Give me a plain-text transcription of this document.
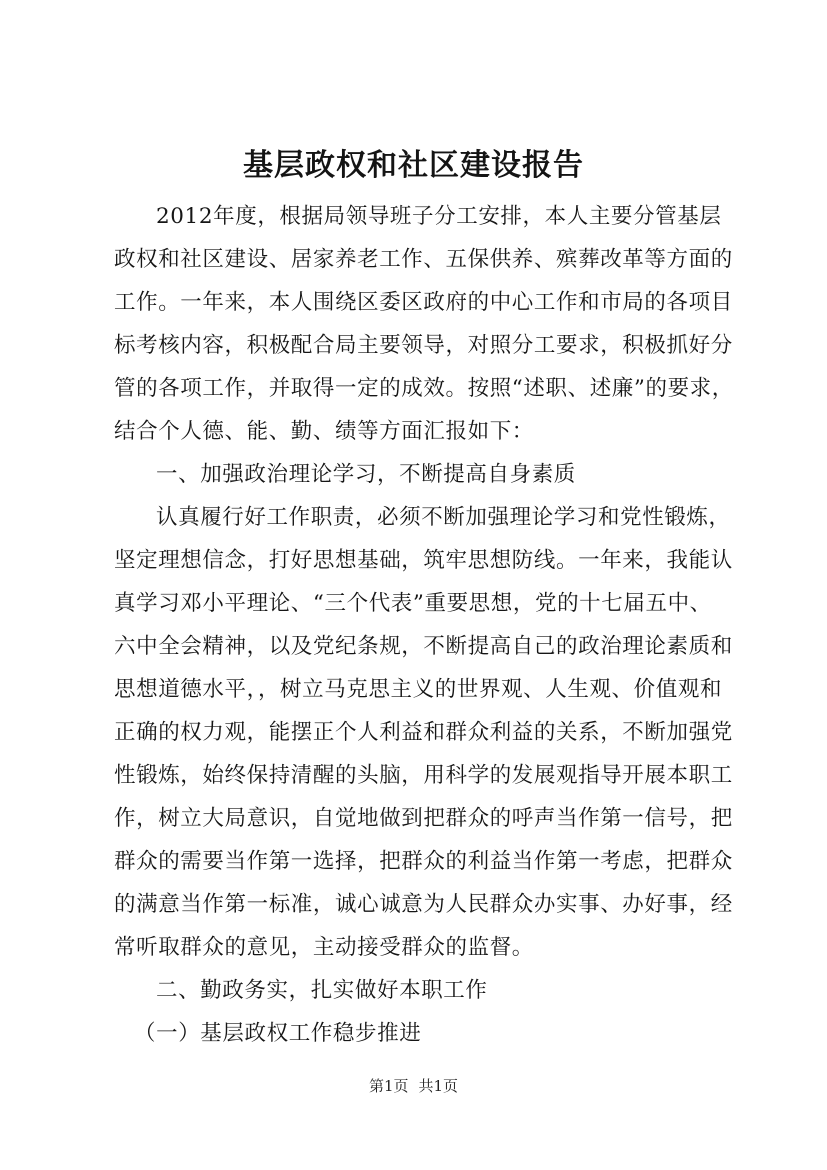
基层政权和社区建设报告
2012年度，根据局领导班子分工安排，本人主要分管基层
政权和社区建设、居家养老工作、五保供养、殡葬改革等方面的
工作。一年来，本人围绕区委区政府的中心工作和市局的各项目
标考核内容，积极配合局主要领导，对照分工要求，积极抓好分
管的各项工作，并取得一定的成效。按照“述职、述廉”的要求，
结合个人德、能、勤、绩等方面汇报如下：
一、加强政治理论学习，不断提高自身素质
认真履行好工作职责，必须不断加强理论学习和党性锻炼，
坚定理想信念，打好思想基础，筑牢思想防线。一年来，我能认
真学习邓小平理论、“三个代表”重要思想，党的十七届五中、
六中全会精神，以及党纪条规，不断提高自己的政治理论素质和
思想道德水平，，树立马克思主义的世界观、人生观、价值观和
正确的权力观，能摆正个人利益和群众利益的关系，不断加强党
性锻炼，始终保持清醒的头脑，用科学的发展观指导开展本职工
作，树立大局意识，自觉地做到把群众的呼声当作第一信号，把
群众的需要当作第一选择，把群众的利益当作第一考虑，把群众
的满意当作第一标准，诚心诚意为人民群众办实事、办好事，经
常听取群众的意见，主动接受群众的监督。
二、勤政务实，扎实做好本职工作
（一）基层政权工作稳步推进
第1页 共1页
